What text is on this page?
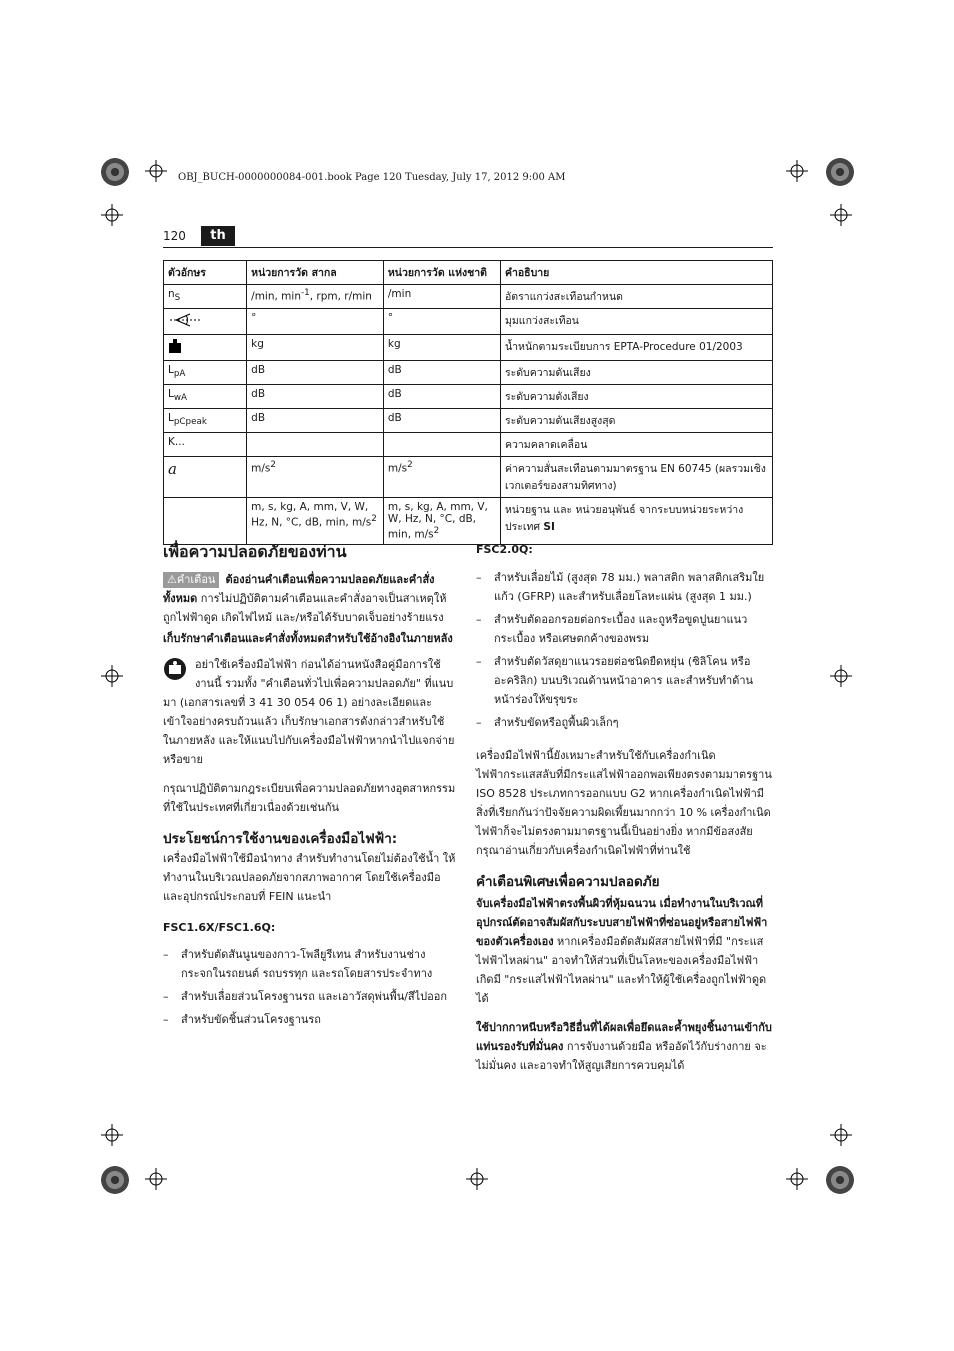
OBJ_BUCH-0000000084-001.book Page 120 Tuesday, July 17, 2012 9:00 AM
120	th
ตัวอักษร	หน่วยการวัด สากล	หน่วยการวัด แห่งชาติ	คำอธิบาย
$n_S$	/min, $\min^{-1}$, rpm, r/min	/min	อัตราแกว่งสะเทือนกำหนด
	°	°	มุมแกว่งสะเทือน
	kg	kg	น้ำหนักตามระเบียบการ EPTA-Procedure 01/2003
$L_{pA}$	dB	dB	ระดับความดันเสียง
$L_{wA}$	dB	dB	ระดับความดังเสียง
$L_{pCpeak}$	dB	dB	ระดับความดันเสียงสูงสุด
K...			ความคลาดเคลื่อน
a	$m/s^2$	$m/s^2$	ค่าความสั่นสะเทือนตามมาตรฐาน EN 60745 (ผลรวมเชิงเวกเตอร์ของสามทิศทาง)
	m, s, kg, A, mm, V, W, Hz, N, °C, dB, min, $m/s^2$	m, s, kg, A, mm, V, W, Hz, N, °C, dB, min, $m/s^2$	หน่วยฐาน และ หน่วยอนุพันธ์ จากระบบหน่วยระหว่างประเทศ SI
เพื่อความปลอดภัยของท่าน

⚠คำเตือน ต้องอ่านคำเตือนเพื่อความปลอดภัยและคำสั่งทั้งหมด การไม่ปฏิบัติตามคำเตือนและคำสั่งอาจเป็นสาเหตุให้ถูกไฟฟ้าดูด เกิดไฟไหม้ และ/หรือได้รับบาดเจ็บอย่างร้ายแรง

เก็บรักษาคำเตือนและคำสั่งทั้งหมดสำหรับใช้อ้างอิงในภายหลัง

อย่าใช้เครื่องมือไฟฟ้า ก่อนได้อ่านหนังสือคู่มือการใช้งานนี้ รวมทั้ง "คำเตือนทั่วไปเพื่อความปลอดภัย" ที่แนบมา (เอกสารเลขที่ 3 41 30 054 06 1) อย่างละเอียดและเข้าใจอย่างครบถ้วนแล้ว เก็บรักษาเอกสารดังกล่าวสำหรับใช้ในภายหลัง และให้แนบไปกับเครื่องมือไฟฟ้าหากนำไปแจกจ่ายหรือขาย

กรุณาปฏิบัติตามกฎระเบียบเพื่อความปลอดภัยทางอุตสาหกรรมที่ใช้ในประเทศที่เกี่ยวเนื่องด้วยเช่นกัน

ประโยชน์การใช้งานของเครื่องมือไฟฟ้า:

เครื่องมือไฟฟ้าใช้มือนำทาง สำหรับทำงานโดยไม่ต้องใช้น้ำ ให้ทำงานในบริเวณปลอดภัยจากสภาพอากาศ โดยใช้เครื่องมือและอุปกรณ์ประกอบที่ FEIN แนะนำ

FSC1.6X/FSC1.6Q:

– สำหรับตัดสันนูนของกาว-โพลียูรีเทน สำหรับงานช่างกระจกในรถยนต์ รถบรรทุก และรถโดยสารประจำทาง

– สำหรับเลื่อยส่วนโครงฐานรถ และเอาวัสดุพ่นพื้น/สีไปออก

– สำหรับขัดชิ้นส่วนโครงฐานรถ

FSC2.0Q:

– สำหรับเลื่อยไม้ (สูงสุด 78 มม.) พลาสติก พลาสติกเสริมใยแก้ว (GFRP) และสำหรับเลื่อยโลหะแผ่น (สูงสุด 1 มม.)

– สำหรับตัดออกรอยต่อกระเบื้อง และถูหรือขูดปูนยาแนวกระเบื้อง หรือเศษตกค้างของพรม

– สำหรับตัดวัสดุยาแนวรอยต่อชนิดยืดหยุ่น (ซิลิโคน หรือ อะคริลิก) บนบริเวณด้านหน้าอาคาร และสำหรับทำด้านหน้าร่องให้ขรุขระ

– สำหรับขัดหรือถูพื้นผิวเล็กๆ

เครื่องมือไฟฟ้านี้ยังเหมาะสำหรับใช้กับเครื่องกำเนิดไฟฟ้ากระแสสลับที่มีกระแสไฟฟ้าออกพอเพียงตรงตามมาตรฐาน ISO 8528 ประเภทการออกแบบ G2 หากเครื่องกำเนิดไฟฟ้ามีสิ่งที่เรียกกันว่าปัจจัยความผิดเพี้ยนมากกว่า 10 % เครื่องกำเนิดไฟฟ้าก็จะไม่ตรงตามมาตรฐานนี้เป็นอย่างยิ่ง หากมีข้อสงสัย กรุณาอ่านเกี่ยวกับเครื่องกำเนิดไฟฟ้าที่ท่านใช้

คำเตือนพิเศษเพื่อความปลอดภัย

จับเครื่องมือไฟฟ้าตรงพื้นผิวที่หุ้มฉนวน เมื่อทำงานในบริเวณที่อุปกรณ์ตัดอาจสัมผัสกับระบบสายไฟฟ้าที่ซ่อนอยู่หรือสายไฟฟ้าของตัวเครื่องเอง หากเครื่องมือตัดสัมผัสสายไฟฟ้าที่มี "กระแสไฟฟ้าไหลผ่าน" อาจทำให้ส่วนที่เป็นโลหะของเครื่องมือไฟฟ้าเกิดมี "กระแสไฟฟ้าไหลผ่าน" และทำให้ผู้ใช้เครื่องถูกไฟฟ้าดูดได้

ใช้ปากกาหนีบหรือวิธีอื่นที่ได้ผลเพื่อยึดและค้ำพยุงชิ้นงานเข้ากับแท่นรองรับที่มั่นคง การจับงานด้วยมือ หรืออัดไว้กับร่างกาย จะไม่มั่นคง และอาจทำให้สูญเสียการควบคุมได้
